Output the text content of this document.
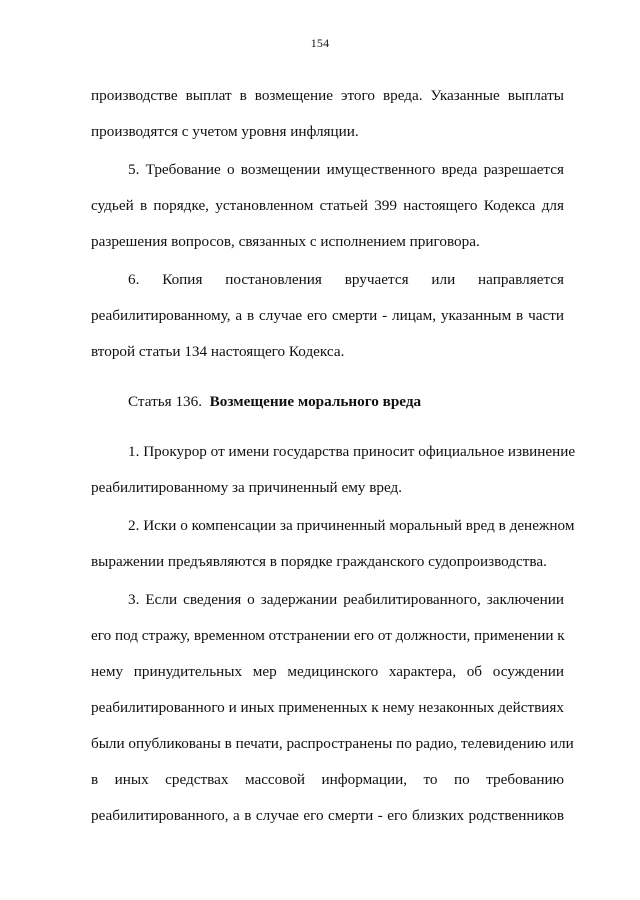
154
производстве выплат в возмещение этого вреда. Указанные выплаты
производятся с учетом уровня инфляции.
5. Требование о возмещении имущественного вреда разрешается
судьей в порядке, установленном статьей 399 настоящего Кодекса для
разрешения вопросов, связанных с исполнением приговора.
6. Копия постановления вручается или направляется
реабилитированному, а в случае его смерти - лицам, указанным в части
второй статьи 134 настоящего Кодекса.
Статья 136. Возмещение морального вреда
1. Прокурор от имени государства приносит официальное извинение
реабилитированному за причиненный ему вред.
2. Иски о компенсации за причиненный моральный вред в денежном
выражении предъявляются в порядке гражданского судопроизводства.
3. Если сведения о задержании реабилитированного, заключении
его под стражу, временном отстранении его от должности, применении к
нему принудительных мер медицинского характера, об осуждении
реабилитированного и иных примененных к нему незаконных действиях
были опубликованы в печати, распространены по радио, телевидению или
в иных средствах массовой информации, то по требованию
реабилитированного, а в случае его смерти - его близких родственников
